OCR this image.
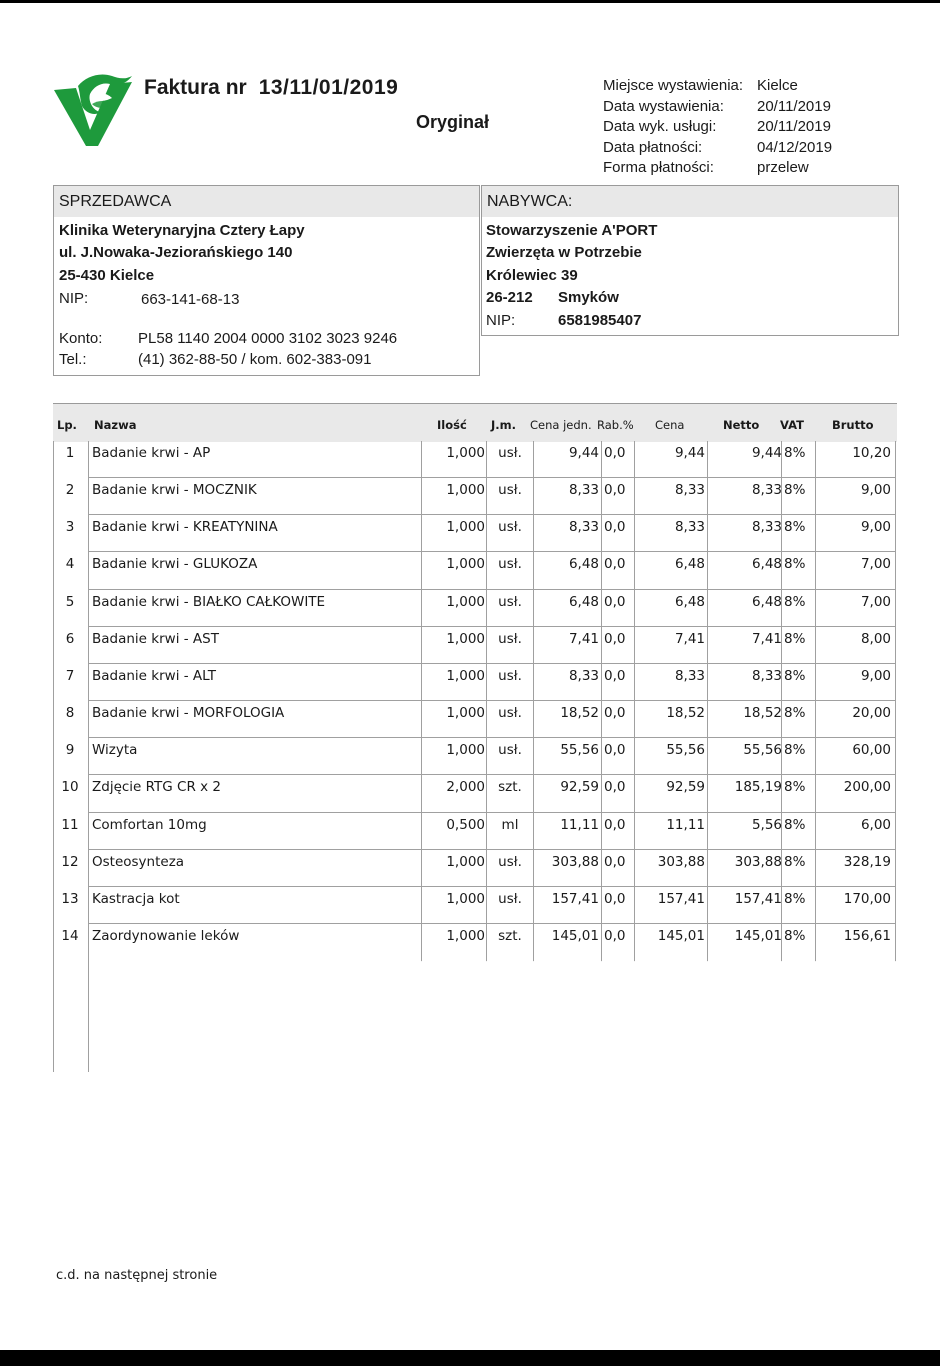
Faktura nr 13/11/01/2019
Oryginał
Miejsce wystawienia: Kielce
Data wystawienia: 20/11/2019
Data wyk. usługi:	20/11/2019
Data płatności:	04/12/2019
Forma płatności:	przelew
SPRZEDAWCA
Klinika Weterynaryjna Cztery Łapy
ul. J.Nowaka-Jeziorańskiego 140
25-430 Kielce
NIP:	663-141-68-13
Konto: PL58 1140 2004 0000 3102 3023 9246
Tel.:	(41) 362-88-50 / kom. 602-383-091
NABYWCA:
Stowarzyszenie A'PORT
Zwierzęta w Potrzebie
Królewiec 39
26-212 Smyków
NIP:	6581985407
Lp. Nazwa	Ilość J.m. Cena jedn. Rab.% Cena	Netto VAT Brutto
1	Badanie krwi - AP	1,000 usł.	9,44 0,0	9,44	9,44 8%	10,20
2	Badanie krwi - MOCZNIK	1,000 usł.	8,33 0,0	8,33	8,33 8%	9,00
3	Badanie krwi - KREATYNINA	1,000 usł.	8,33 0,0	8,33	8,33 8%	9,00
4	Badanie krwi - GLUKOZA	1,000 usł.	6,48 0,0	6,48	6,48 8%	7,00
5	Badanie krwi - BIAŁKO CAŁKOWITE	1,000 usł.	6,48 0,0	6,48	6,48 8%	7,00
6	Badanie krwi - AST	1,000 usł.	7,41 0,0	7,41	7,41 8%	8,00
7	Badanie krwi - ALT	1,000 usł.	8,33 0,0	8,33	8,33 8%	9,00
8	Badanie krwi - MORFOLOGIA	1,000 usł.	18,52 0,0	18,52	18,52 8%	20,00
9	Wizyta	1,000 usł.	55,56 0,0	55,56	55,56 8%	60,00
10 Zdjęcie RTG CR x 2	2,000 szt.	92,59 0,0	92,59	185,19 8%	200,00
11 Comfortan 10mg	0,500	ml	11,11 0,0	11,11	5,56 8%	6,00
12 Osteosynteza	1,000 usł.	303,88 0,0	303,88	303,88 8%	328,19
13 Kastracja kot	1,000 usł.	157,41 0,0	157,41	157,41 8%	170,00
14 Zaordynowanie leków	1,000 szt.	145,01 0,0	145,01	145,01 8%	156,61
c.d. na następnej stronie
